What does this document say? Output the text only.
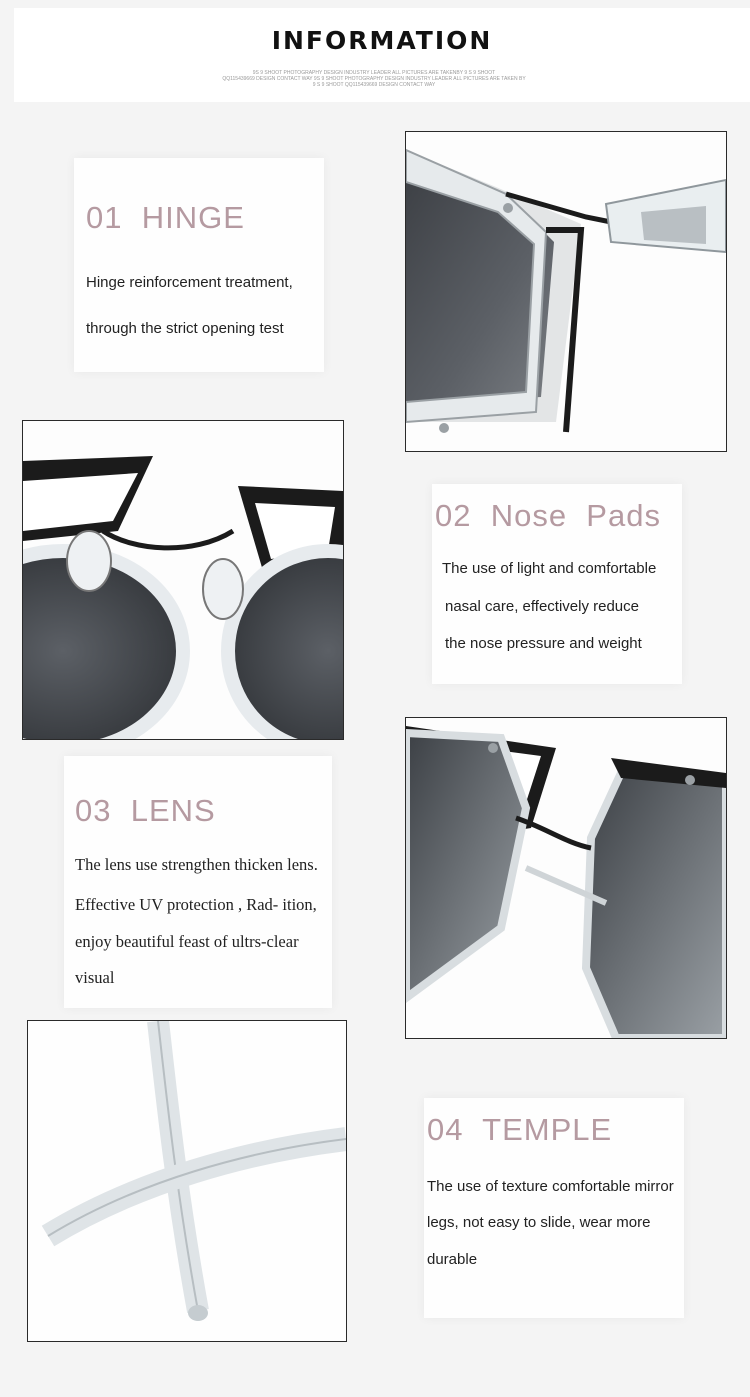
INFORMATION
9S 9 SHOOT PHOTOGRAPHY DESIGN INDUSTRY LEADER ALL PICTURES ARE TAKENBY 9 S 9 SHOOT
QQ115439669 DESIGN CONTACT WAY 9S 9 SHOOT PHOTOGRAPHY DESIGN INDUSTRY LEADER ALL PICTURES ARE TAKEN BY
9 S 9 SHOOT QQ115439669 DESIGN CONTACT WAY
01  HINGE

Hinge reinforcement treatment,

through the strict opening test

02  Nose  Pads

The use of light and comfortable

nasal care, effectively reduce

the nose pressure and weight

03  LENS

The lens use strengthen thicken lens.

Effective UV protection , Rad- ition,

enjoy beautiful feast of ultrs-clear

visual

04  TEMPLE

The use of texture comfortable mirror

legs, not easy to slide, wear more

durable
